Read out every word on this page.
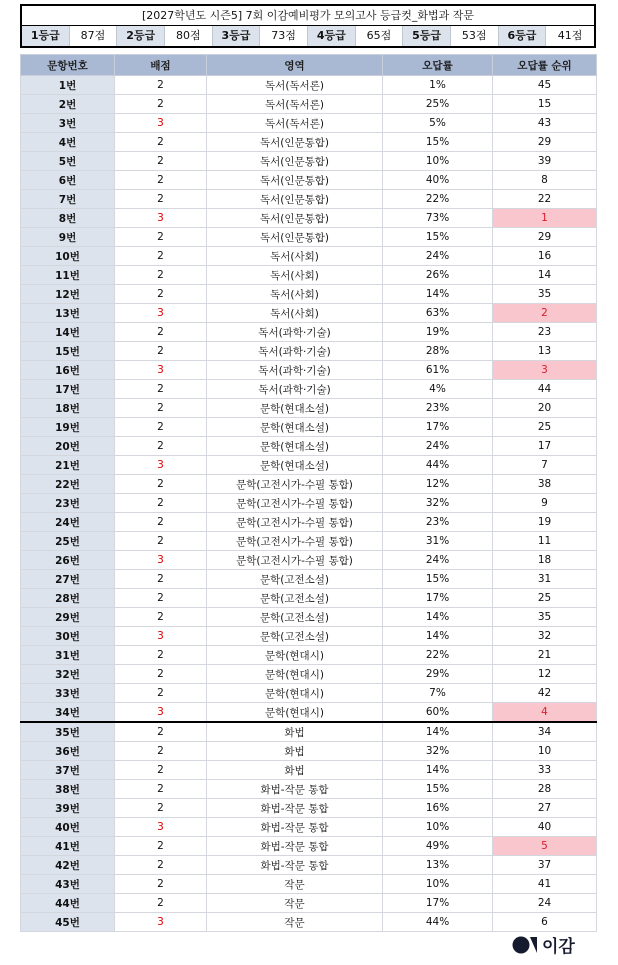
[2027학년도 시즌5] 7회 이감예비평가 모의고사 등급컷_화법과 작문
1등급	87점	2등급	80점	3등급	73점	4등급	65점	5등급	53점	6등급	41점
문항번호	배점	영역	오답률	오답률 순위
1번	2	독서(독서론)	1%	45
2번	2	독서(독서론)	25%	15
3번	3	독서(독서론)	5%	43
4번	2	독서(인문통합)	15%	29
5번	2	독서(인문통합)	10%	39
6번	2	독서(인문통합)	40%	8
7번	2	독서(인문통합)	22%	22
8번	3	독서(인문통합)	73%	1
9번	2	독서(인문통합)	15%	29
10번	2	독서(사회)	24%	16
11번	2	독서(사회)	26%	14
12번	2	독서(사회)	14%	35
13번	3	독서(사회)	63%	2
14번	2	독서(과학·기술)	19%	23
15번	2	독서(과학·기술)	28%	13
16번	3	독서(과학·기술)	61%	3
17번	2	독서(과학·기술)	4%	44
18번	2	문학(현대소설)	23%	20
19번	2	문학(현대소설)	17%	25
20번	2	문학(현대소설)	24%	17
21번	3	문학(현대소설)	44%	7
22번	2	문학(고전시가-수필 통합)	12%	38
23번	2	문학(고전시가-수필 통합)	32%	9
24번	2	문학(고전시가-수필 통합)	23%	19
25번	2	문학(고전시가-수필 통합)	31%	11
26번	3	문학(고전시가-수필 통합)	24%	18
27번	2	문학(고전소설)	15%	31
28번	2	문학(고전소설)	17%	25
29번	2	문학(고전소설)	14%	35
30번	3	문학(고전소설)	14%	32
31번	2	문학(현대시)	22%	21
32번	2	문학(현대시)	29%	12
33번	2	문학(현대시)	7%	42
34번	3	문학(현대시)	60%	4
35번	2	화법	14%	34
36번	2	화법	32%	10
37번	2	화법	14%	33
38번	2	화법-작문 통합	15%	28
39번	2	화법-작문 통합	16%	27
40번	3	화법-작문 통합	10%	40
41번	2	화법-작문 통합	49%	5
42번	2	화법-작문 통합	13%	37
43번	2	작문	10%	41
44번	2	작문	17%	24
45번	3	작문	44%	6
이감
